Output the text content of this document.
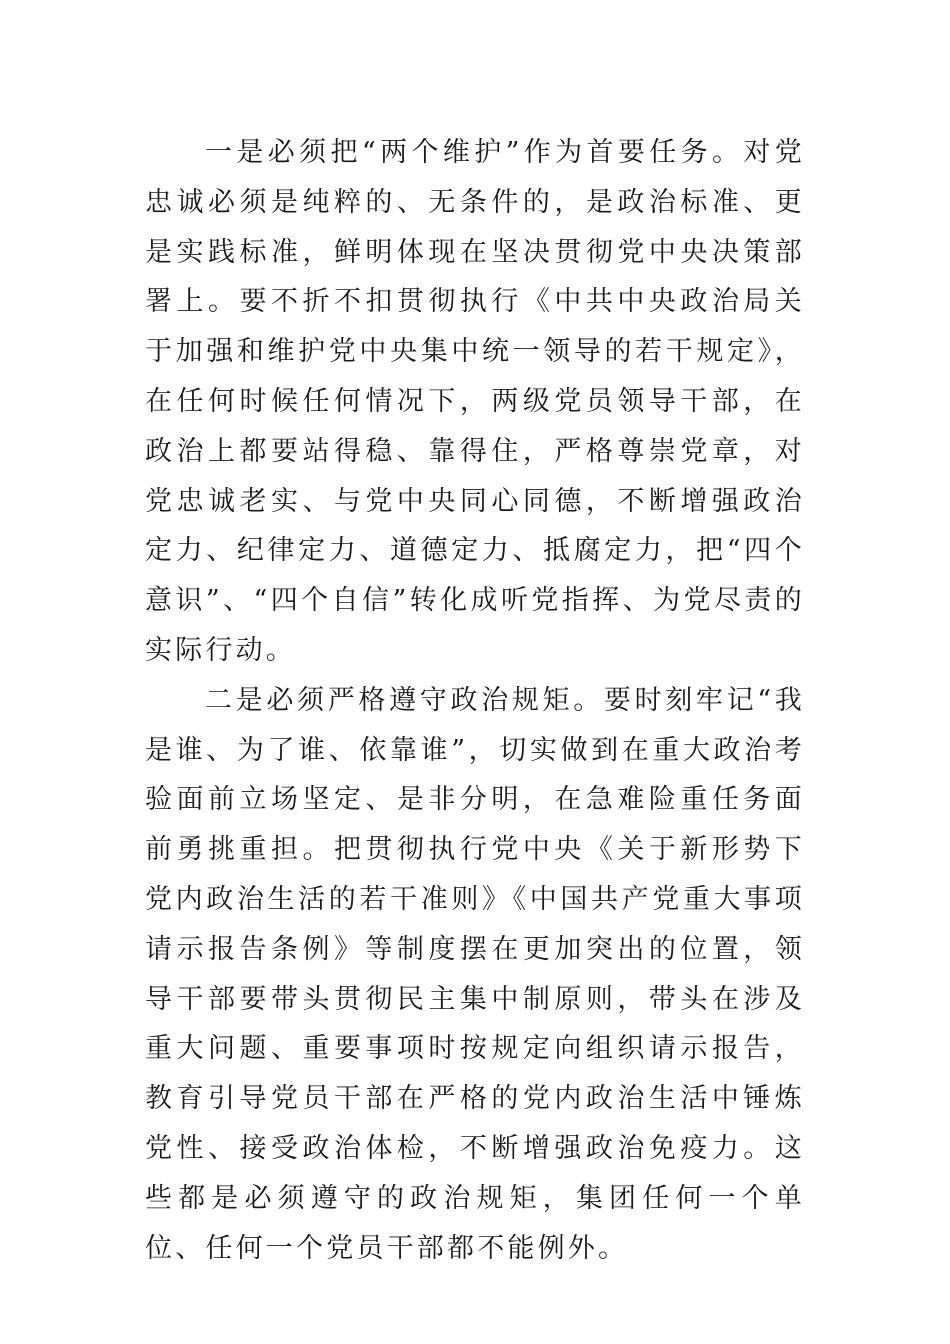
一是必须把“两个维护”作为首要任务。对党忠诚必须是纯粹的、无条件的，是政治标准、更是实践标准，鲜明体现在坚决贯彻党中央决策部署上。要不折不扣贯彻执行《中共中央政治局关于加强和维护党中央集中统一领导的若干规定》，在任何时候任何情况下，两级党员领导干部，在政治上都要站得稳、靠得住，严格尊崇党章，对党忠诚老实、与党中央同心同德，不断增强政治定力、纪律定力、道德定力、抵腐定力，把“四个意识”、“四个自信”转化成听党指挥、为党尽责的实际行动。

二是必须严格遵守政治规矩。要时刻牢记“我是谁、为了谁、依靠谁”，切实做到在重大政治考验面前立场坚定、是非分明，在急难险重任务面前勇挑重担。把贯彻执行党中央《关于新形势下党内政治生活的若干准则》《中国共产党重大事项请示报告条例》等制度摆在更加突出的位置，领导干部要带头贯彻民主集中制原则，带头在涉及重大问题、重要事项时按规定向组织请示报告，教育引导党员干部在严格的党内政治生活中锤炼党性、接受政治体检，不断增强政治免疫力。这些都是必须遵守的政治规矩，集团任何一个单位、任何一个党员干部都不能例外。
